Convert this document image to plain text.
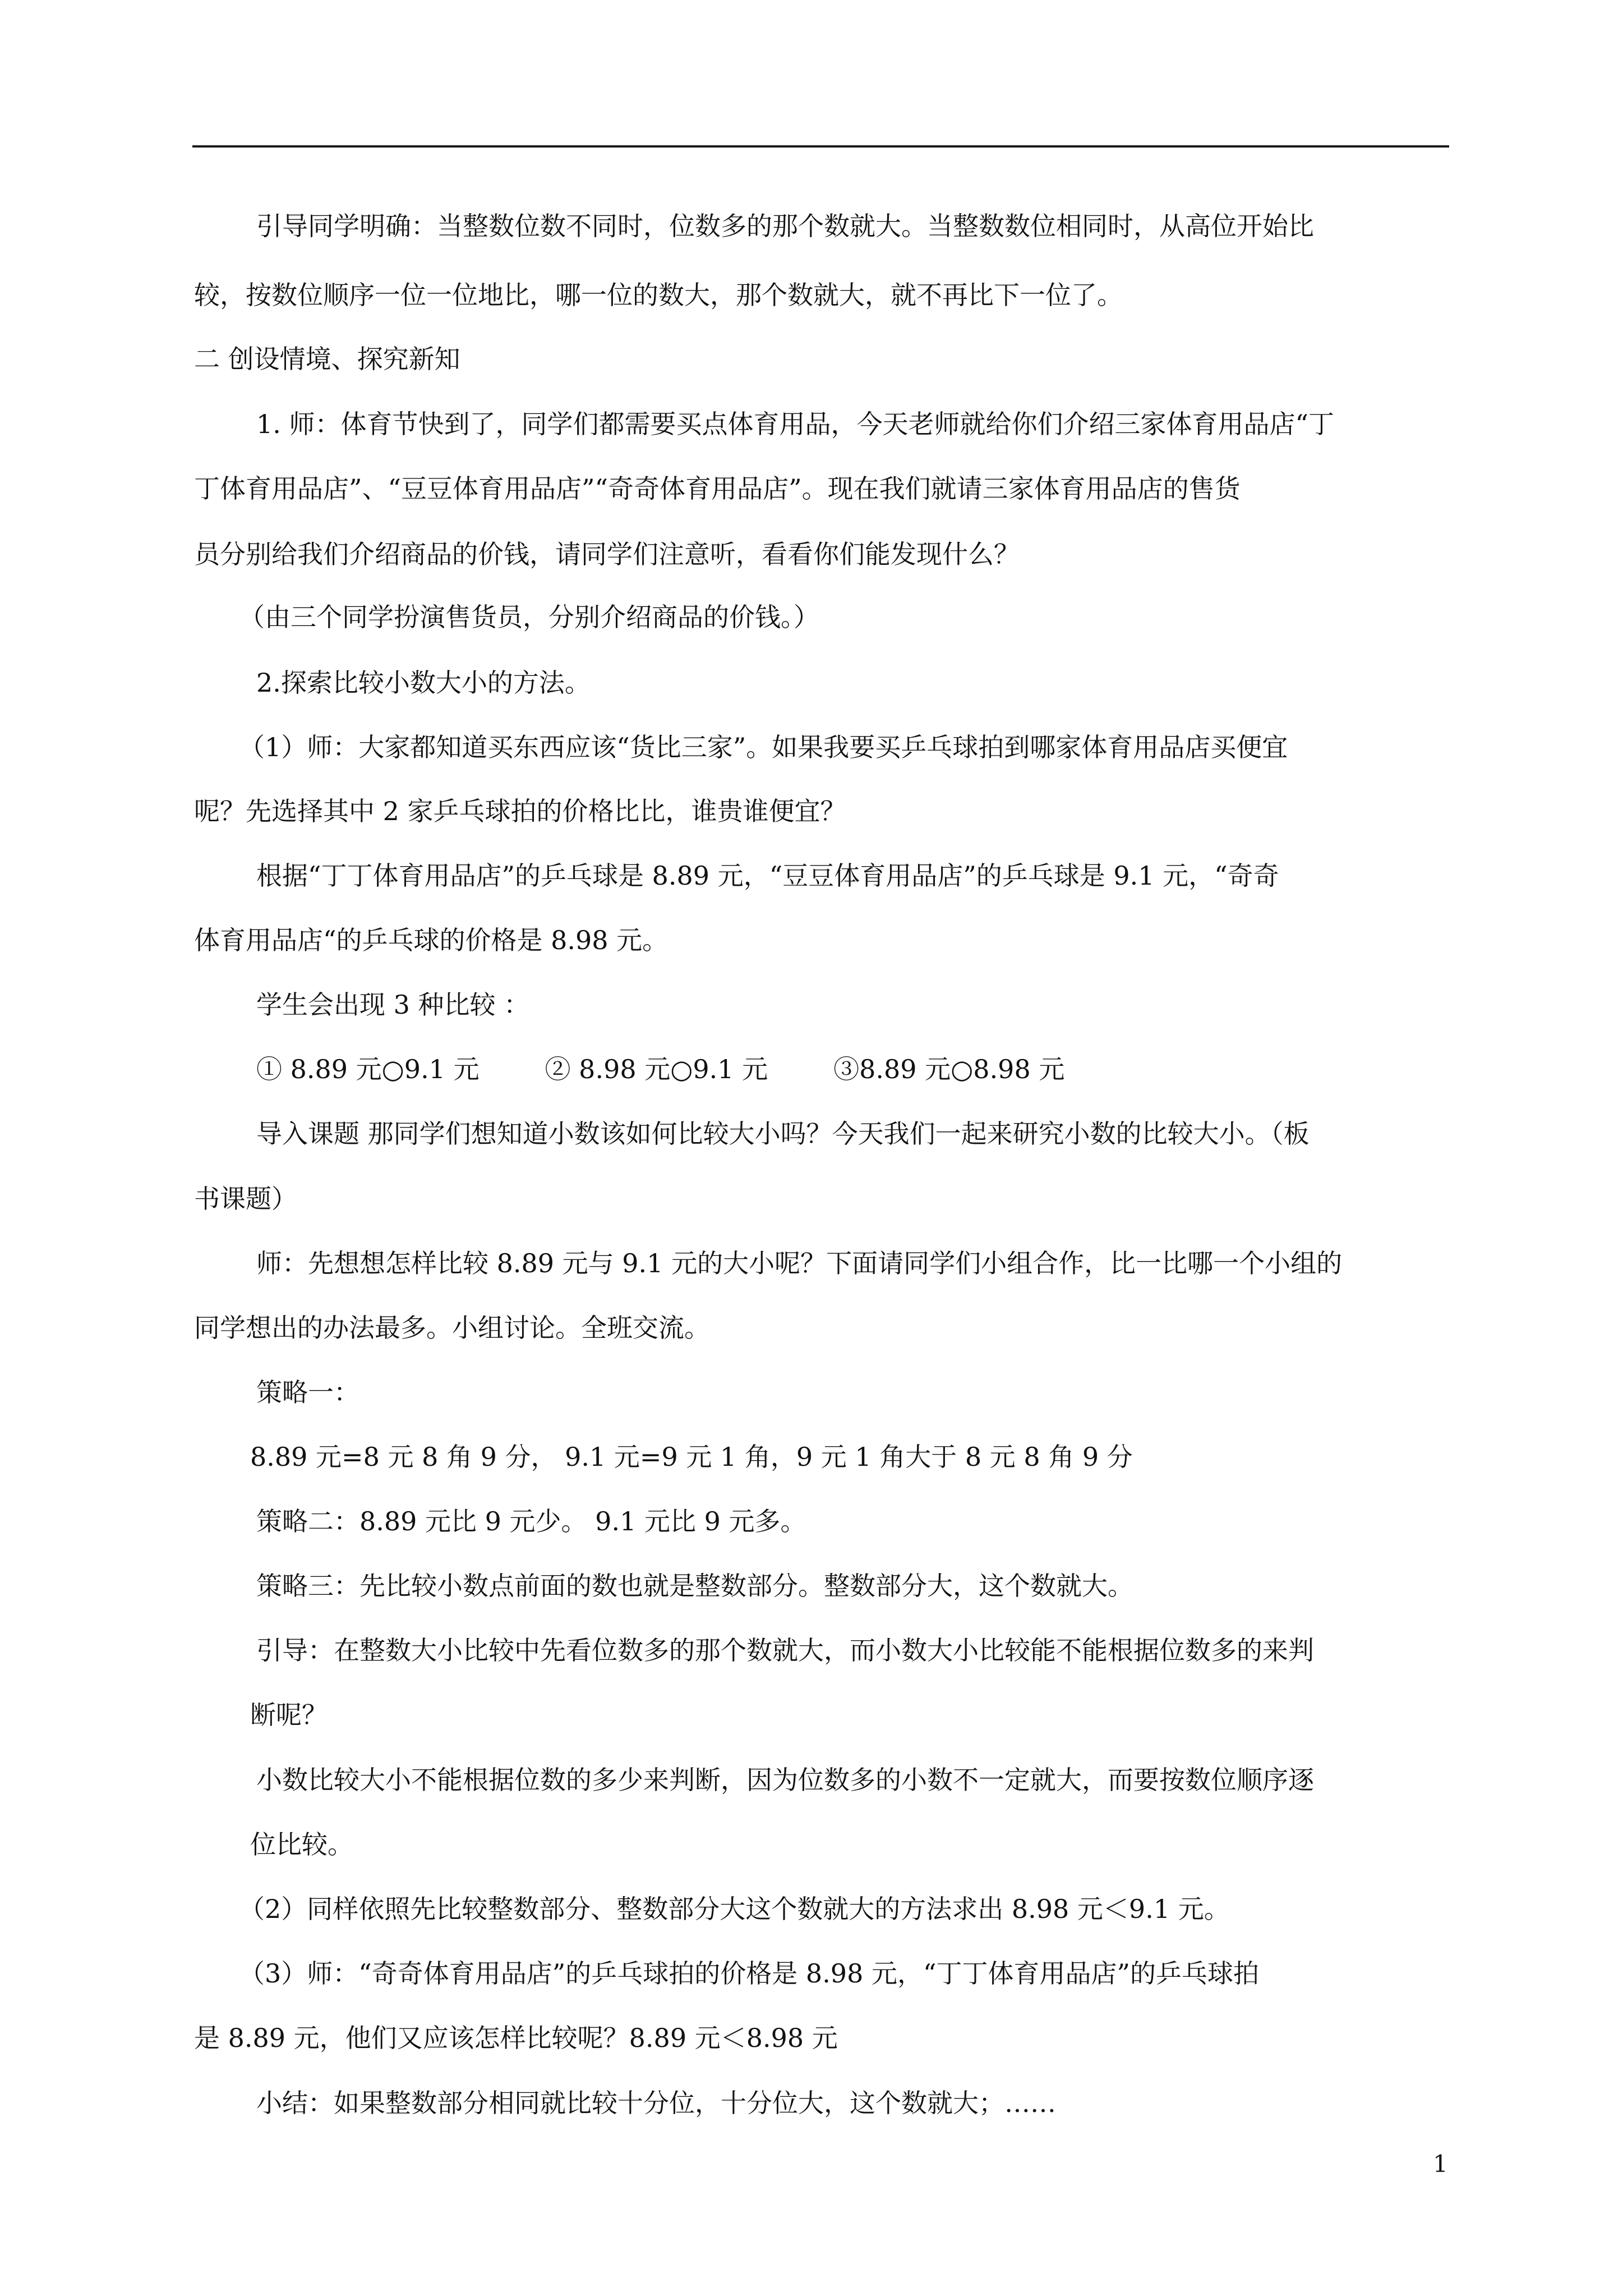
引导同学明确：当整数位数不同时，位数多的那个数就大。当整数数位相同时，从高位开始比

较，按数位顺序一位一位地比，哪一位的数大，那个数就大，就不再比下一位了。

二 创设情境、探究新知

1. 师：体育节快到了，同学们都需要买点体育用品，今天老师就给你们介绍三家体育用品店“丁

丁体育用品店”、“豆豆体育用品店”“奇奇体育用品店”。现在我们就请三家体育用品店的售货

员分别给我们介绍商品的价钱，请同学们注意听，看看你们能发现什么？

（由三个同学扮演售货员，分别介绍商品的价钱。）

2.探索比较小数大小的方法。

（1）师：大家都知道买东西应该“货比三家”。如果我要买乒乓球拍到哪家体育用品店买便宜

呢？先选择其中 2 家乒乓球拍的价格比比，谁贵谁便宜？

根据“丁丁体育用品店”的乒乓球是 8.89 元，“豆豆体育用品店”的乒乓球是 9.1 元，“奇奇

体育用品店“的乒乓球的价格是 8.98 元。

学生会出现 3 种比较 ：

① 8.89 元○9.1 元        ② 8.98 元○9.1 元        ③8.89 元○8.98 元

导入课题 那同学们想知道小数该如何比较大小吗？今天我们一起来研究小数的比较大小。（板

书课题）

师：先想想怎样比较 8.89 元与 9.1 元的大小呢？下面请同学们小组合作，比一比哪一个小组的

同学想出的办法最多。小组讨论。全班交流。

策略一：

8.89 元=8 元 8 角 9 分， 9.1 元=9 元 1 角，9 元 1 角大于 8 元 8 角 9 分

策略二：8.89 元比 9 元少。 9.1 元比 9 元多。

策略三：先比较小数点前面的数也就是整数部分。整数部分大，这个数就大。

引导：在整数大小比较中先看位数多的那个数就大，而小数大小比较能不能根据位数多的来判

断呢？

小数比较大小不能根据位数的多少来判断，因为位数多的小数不一定就大，而要按数位顺序逐

位比较。

（2）同样依照先比较整数部分、整数部分大这个数就大的方法求出 8.98 元＜9.1 元。

（3）师：“奇奇体育用品店”的乒乓球拍的价格是 8.98 元，“丁丁体育用品店”的乒乓球拍

是 8.89 元，他们又应该怎样比较呢？8.89 元＜8.98 元

小结：如果整数部分相同就比较十分位，十分位大，这个数就大；……

1
